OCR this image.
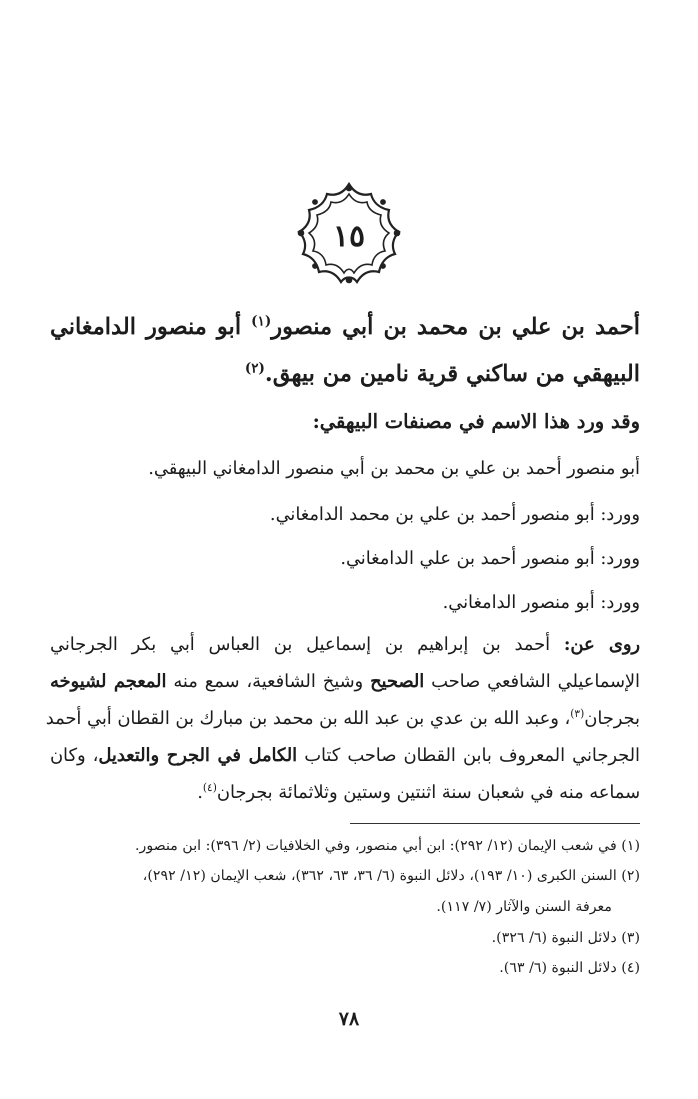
١٥
أحمد بن علي بن محمد بن أبي منصور$^{(١)}$ أبو منصور الدامغاني
البيهقي من ساكني قرية نامين من بيهق.$^{(٢)}$
وقد ورد هذا الاسم في مصنفات البيهقي:
أبو منصور أحمد بن علي بن محمد بن أبي منصور الدامغاني البيهقي.
وورد: أبو منصور أحمد بن علي بن محمد الدامغاني.
وورد: أبو منصور أحمد بن علي الدامغاني.
وورد: أبو منصور الدامغاني.
روى عن: أحمد بن إبراهيم بن إسماعيل بن العباس أبي بكر الجرجاني
الإسماعيلي الشافعي صاحب الصحيح وشيخ الشافعية، سمع منه المعجم لشيوخه
بجرجان$^{(٣)}$، وعبد الله بن عدي بن عبد الله بن محمد بن مبارك بن القطان أبي أحمد
الجرجاني المعروف بابن القطان صاحب كتاب الكامل في الجرح والتعديل، وكان
سماعه منه في شعبان سنة اثنتين وستين وثلاثمائة بجرجان$^{(٤)}$.
(١) في شعب الإيمان (١٢/ ٢٩٢): ابن أبي منصور، وفي الخلافيات (٢/ ٣٩٦): ابن منصور.
(٢) السنن الكبرى (١٠/ ١٩٣)، دلائل النبوة (٦/ ٣٦، ٦٣، ٣٦٢)، شعب الإيمان (١٢/ ٢٩٢)،
معرفة السنن والآثار (٧/ ١١٧).
(٣) دلائل النبوة (٦/ ٣٢٦).
(٤) دلائل النبوة (٦/ ٦٣).
٧٨
